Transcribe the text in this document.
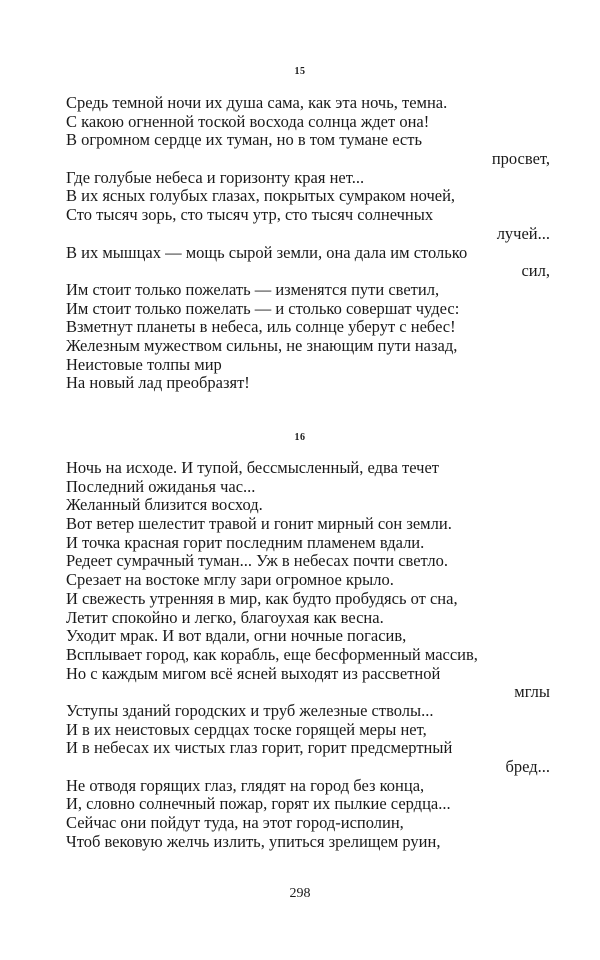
15
Средь темной ночи их душа сама, как эта ночь, темна.
С какою огненной тоской восхода солнца ждет она!
В огромном сердце их туман, но в том тумане есть
просвет,
Где голубые небеса и горизонту края нет...
В их ясных голубых глазах, покрытых сумраком ночей,
Сто тысяч зорь, сто тысяч утр, сто тысяч солнечных
лучей...
В их мышцах — мощь сырой земли, она дала им столько
сил,
Им стоит только пожелать — изменятся пути светил,
Им стоит только пожелать — и столько совершат чудес:
Взметнут планеты в небеса, иль солнце уберут с небес!
Железным мужеством сильны, не знающим пути назад,
Неистовые толпы мир
На новый лад преобразят!
16
Ночь на исходе. И тупой, бессмысленный, едва течет
Последний ожиданья час...
Желанный близится восход.
Вот ветер шелестит травой и гонит мирный сон земли.
И точка красная горит последним пламенем вдали.
Редеет сумрачный туман... Уж в небесах почти светло.
Срезает на востоке мглу зари огромное крыло.
И свежесть утренняя в мир, как будто пробудясь от сна,
Летит спокойно и легко, благоухая как весна.
Уходит мрак. И вот вдали, огни ночные погасив,
Всплывает город, как корабль, еще бесформенный массив,
Но с каждым мигом всё ясней выходят из рассветной
мглы
Уступы зданий городских и труб железные стволы...
И в их неистовых сердцах тоске горящей меры нет,
И в небесах их чистых глаз горит, горит предсмертный
бред...
Не отводя горящих глаз, глядят на город без конца,
И, словно солнечный пожар, горят их пылкие сердца...
Сейчас они пойдут туда, на этот город-исполин,
Чтоб вековую желчь излить, упиться зрелищем руин,
298
